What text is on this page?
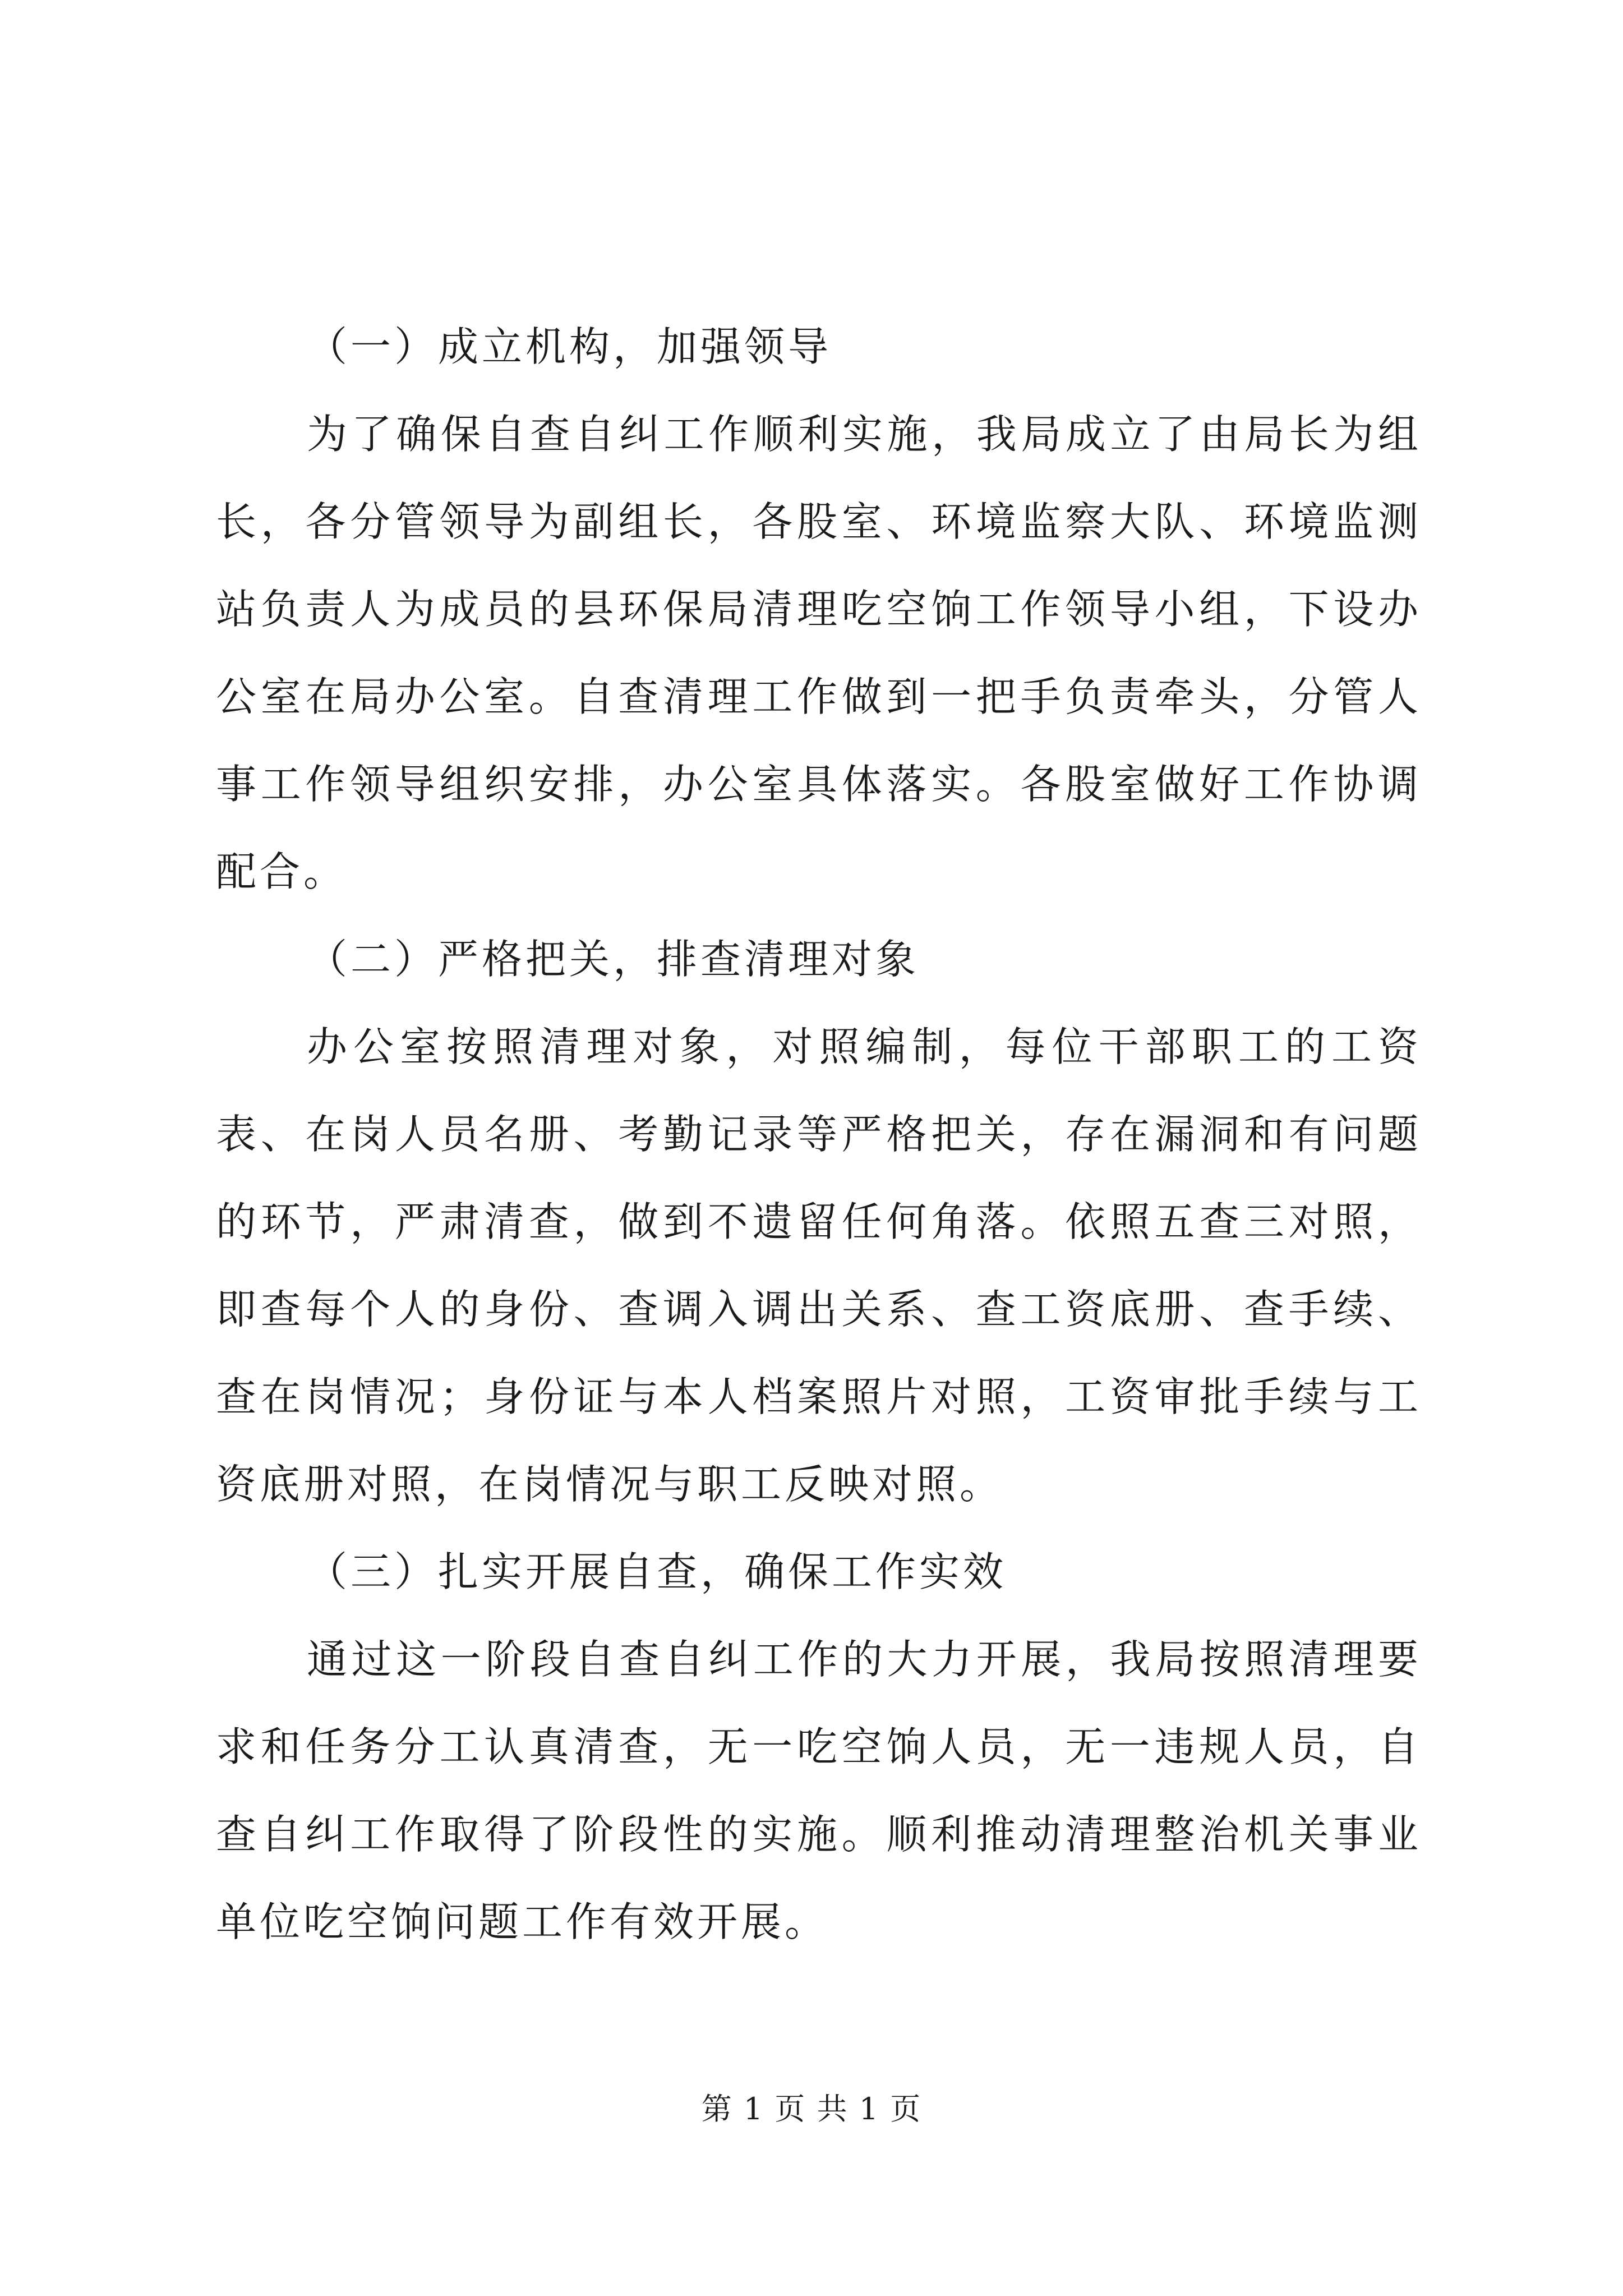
（一）成立机构，加强领导

为了确保自查自纠工作顺利实施，我局成立了由局长为组长，各分管领导为副组长，各股室、环境监察大队、环境监测站负责人为成员的县环保局清理吃空饷工作领导小组，下设办公室在局办公室。自查清理工作做到一把手负责牵头，分管人事工作领导组织安排，办公室具体落实。各股室做好工作协调配合。

（二）严格把关，排查清理对象

办公室按照清理对象，对照编制，每位干部职工的工资表、在岗人员名册、考勤记录等严格把关，存在漏洞和有问题的环节，严肃清查，做到不遗留任何角落。依照五查三对照，即查每个人的身份、查调入调出关系、查工资底册、查手续、查在岗情况；身份证与本人档案照片对照，工资审批手续与工资底册对照，在岗情况与职工反映对照。

（三）扎实开展自查，确保工作实效

通过这一阶段自查自纠工作的大力开展，我局按照清理要求和任务分工认真清查，无一吃空饷人员，无一违规人员，自查自纠工作取得了阶段性的实施。顺利推动清理整治机关事业单位吃空饷问题工作有效开展。

第 1 页 共 1 页
